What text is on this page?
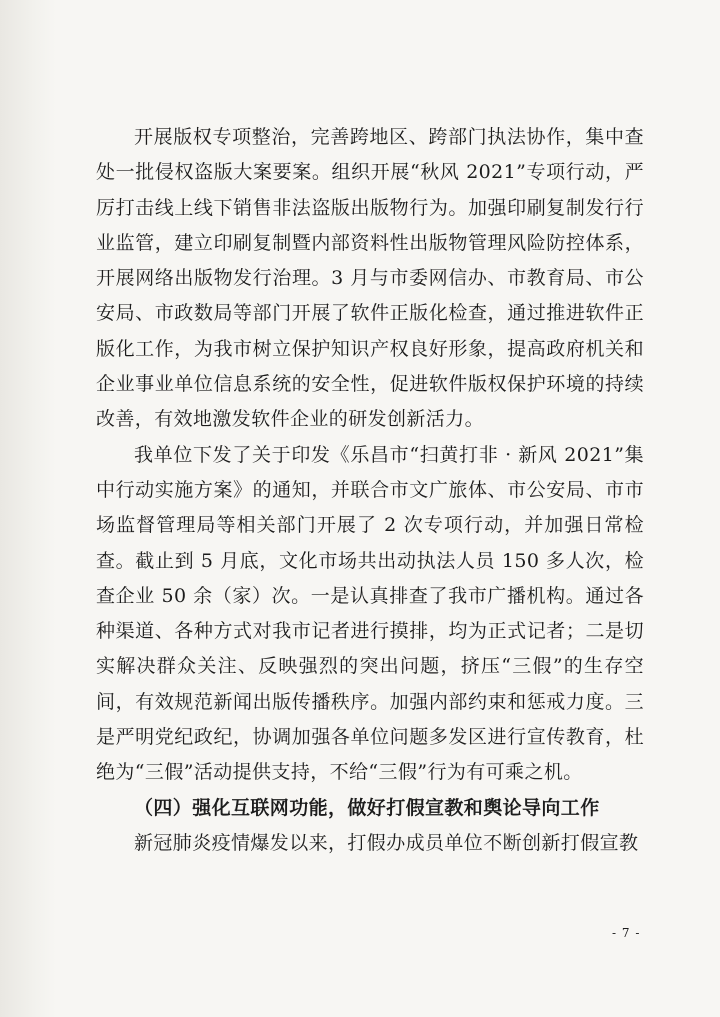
开展版权专项整治，完善跨地区、跨部门执法协作，集中查处一批侵权盗版大案要案。组织开展“秋风 2021”专项行动，严厉打击线上线下销售非法盗版出版物行为。加强印刷复制发行行业监管，建立印刷复制暨内部资料性出版物管理风险防控体系，开展网络出版物发行治理。3 月与市委网信办、市教育局、市公安局、市政数局等部门开展了软件正版化检查，通过推进软件正版化工作，为我市树立保护知识产权良好形象，提高政府机关和企业事业单位信息系统的安全性，促进软件版权保护环境的持续改善，有效地激发软件企业的研发创新活力。

我单位下发了关于印发《乐昌市“扫黄打非 · 新风 2021”集中行动实施方案》的通知，并联合市文广旅体、市公安局、市市场监督管理局等相关部门开展了 2 次专项行动，并加强日常检查。截止到 5 月底，文化市场共出动执法人员 150 多人次，检查企业 50 余（家）次。一是认真排查了我市广播机构。通过各种渠道、各种方式对我市记者进行摸排，均为正式记者；二是切实解决群众关注、反映强烈的突出问题，挤压“三假”的生存空间，有效规范新闻出版传播秩序。加强内部约束和惩戒力度。三是严明党纪政纪，协调加强各单位问题多发区进行宣传教育，杜绝为“三假”活动提供支持，不给“三假”行为有可乘之机。

（四）强化互联网功能，做好打假宣教和舆论导向工作

新冠肺炎疫情爆发以来，打假办成员单位不断创新打假宣教

- 7 -
